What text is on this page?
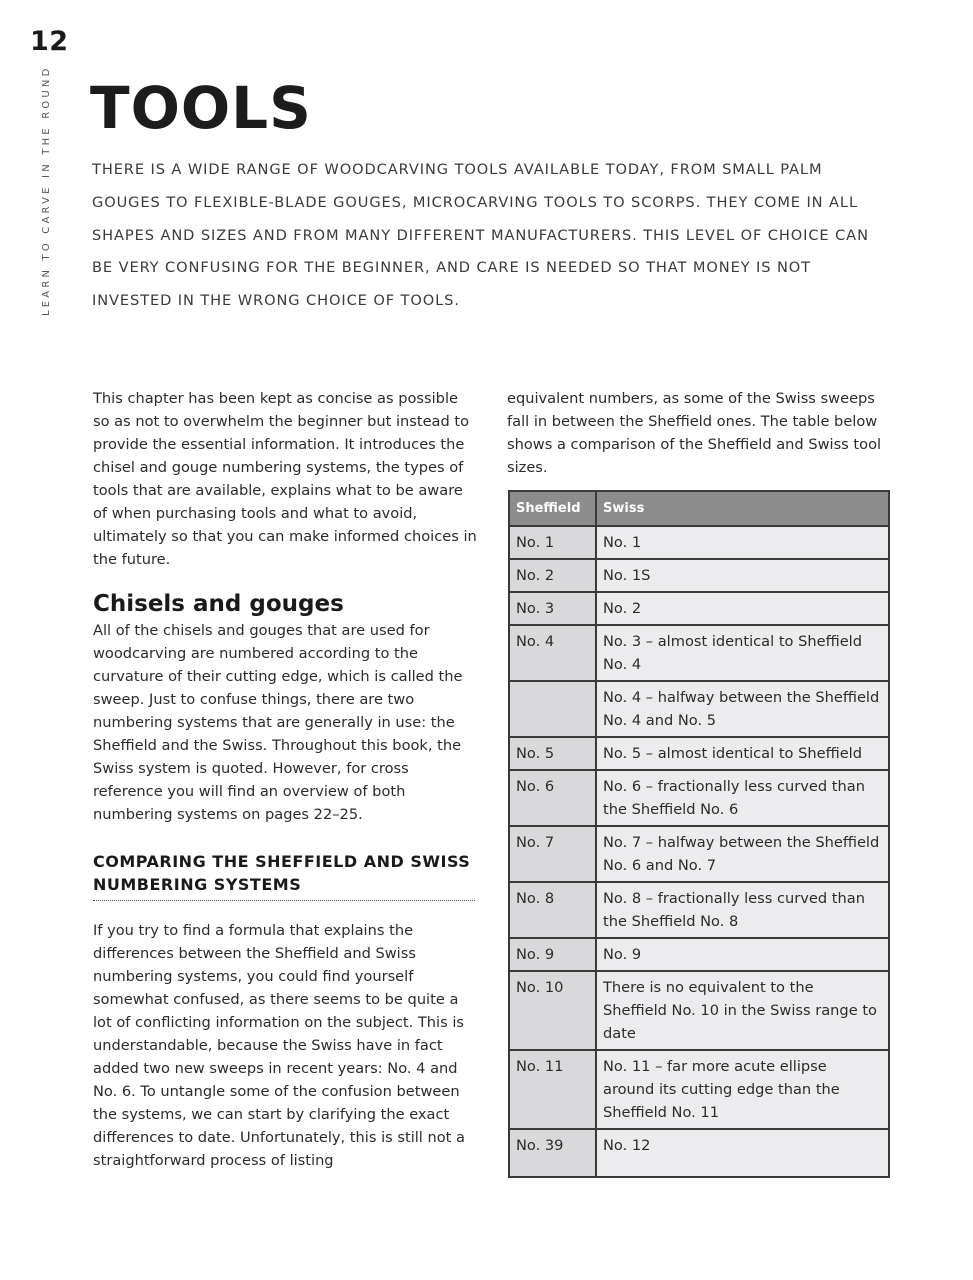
12
LEARN TO CARVE IN THE ROUND TOOLS

THERE IS A WIDE RANGE OF WOODCARVING TOOLS AVAILABLE TODAY, FROM SMALL PALM GOUGES TO FLEXIBLE-BLADE GOUGES, MICROCARVING TOOLS TO SCORPS. THEY COME IN ALL SHAPES AND SIZES AND FROM MANY DIFFERENT MANUFACTURERS. THIS LEVEL OF CHOICE CAN BE VERY CONFUSING FOR THE BEGINNER, AND CARE IS NEEDED SO THAT MONEY IS NOT INVESTED IN THE WRONG CHOICE OF TOOLS.

This chapter has been kept as concise as possible so as not to overwhelm the beginner but instead to provide the essential information. It introduces the chisel and gouge numbering systems, the types of tools that are available, explains what to be aware of when purchasing tools and what to avoid, ultimately so that you can make informed choices in the future.

Chisels and gouges

All of the chisels and gouges that are used for woodcarving are numbered according to the curvature of their cutting edge, which is called the sweep. Just to confuse things, there are two numbering systems that are generally in use: the Sheffield and the Swiss. Throughout this book, the Swiss system is quoted. However, for cross reference you will find an overview of both numbering systems on pages 22–25.

COMPARING THE SHEFFIELD AND SWISS NUMBERING SYSTEMS

If you try to find a formula that explains the differences between the Sheffield and Swiss numbering systems, you could find yourself somewhat confused, as there seems to be quite a lot of conflicting information on the subject. This is understandable, because the Swiss have in fact added two new sweeps in recent years: No. 4 and No. 6. To untangle some of the confusion between the systems, we can start by clarifying the exact differences to date. Unfortunately, this is still not a straightforward process of listing

equivalent numbers, as some of the Swiss sweeps fall in between the Sheffield ones. The table below shows a comparison of the Sheffield and Swiss tool sizes.

Sheffield	Swiss
No. 1	No. 1
No. 2	No. 1S
No. 3	No. 2
No. 4	No. 3 – almost identical to Sheffield No. 4
	No. 4 – halfway between the Sheffield No. 4 and No. 5
No. 5	No. 5 – almost identical to Sheffield
No. 6	No. 6 – fractionally less curved than the Sheffield No. 6
No. 7	No. 7 – halfway between the Sheffield No. 6 and No. 7
No. 8	No. 8 – fractionally less curved than the Sheffield No. 8
No. 9	No. 9
No. 10	There is no equivalent to the Sheffield No. 10 in the Swiss range to date
No. 11	No. 11 – far more acute ellipse around its cutting edge than the Sheffield No. 11
No. 39	No. 12
